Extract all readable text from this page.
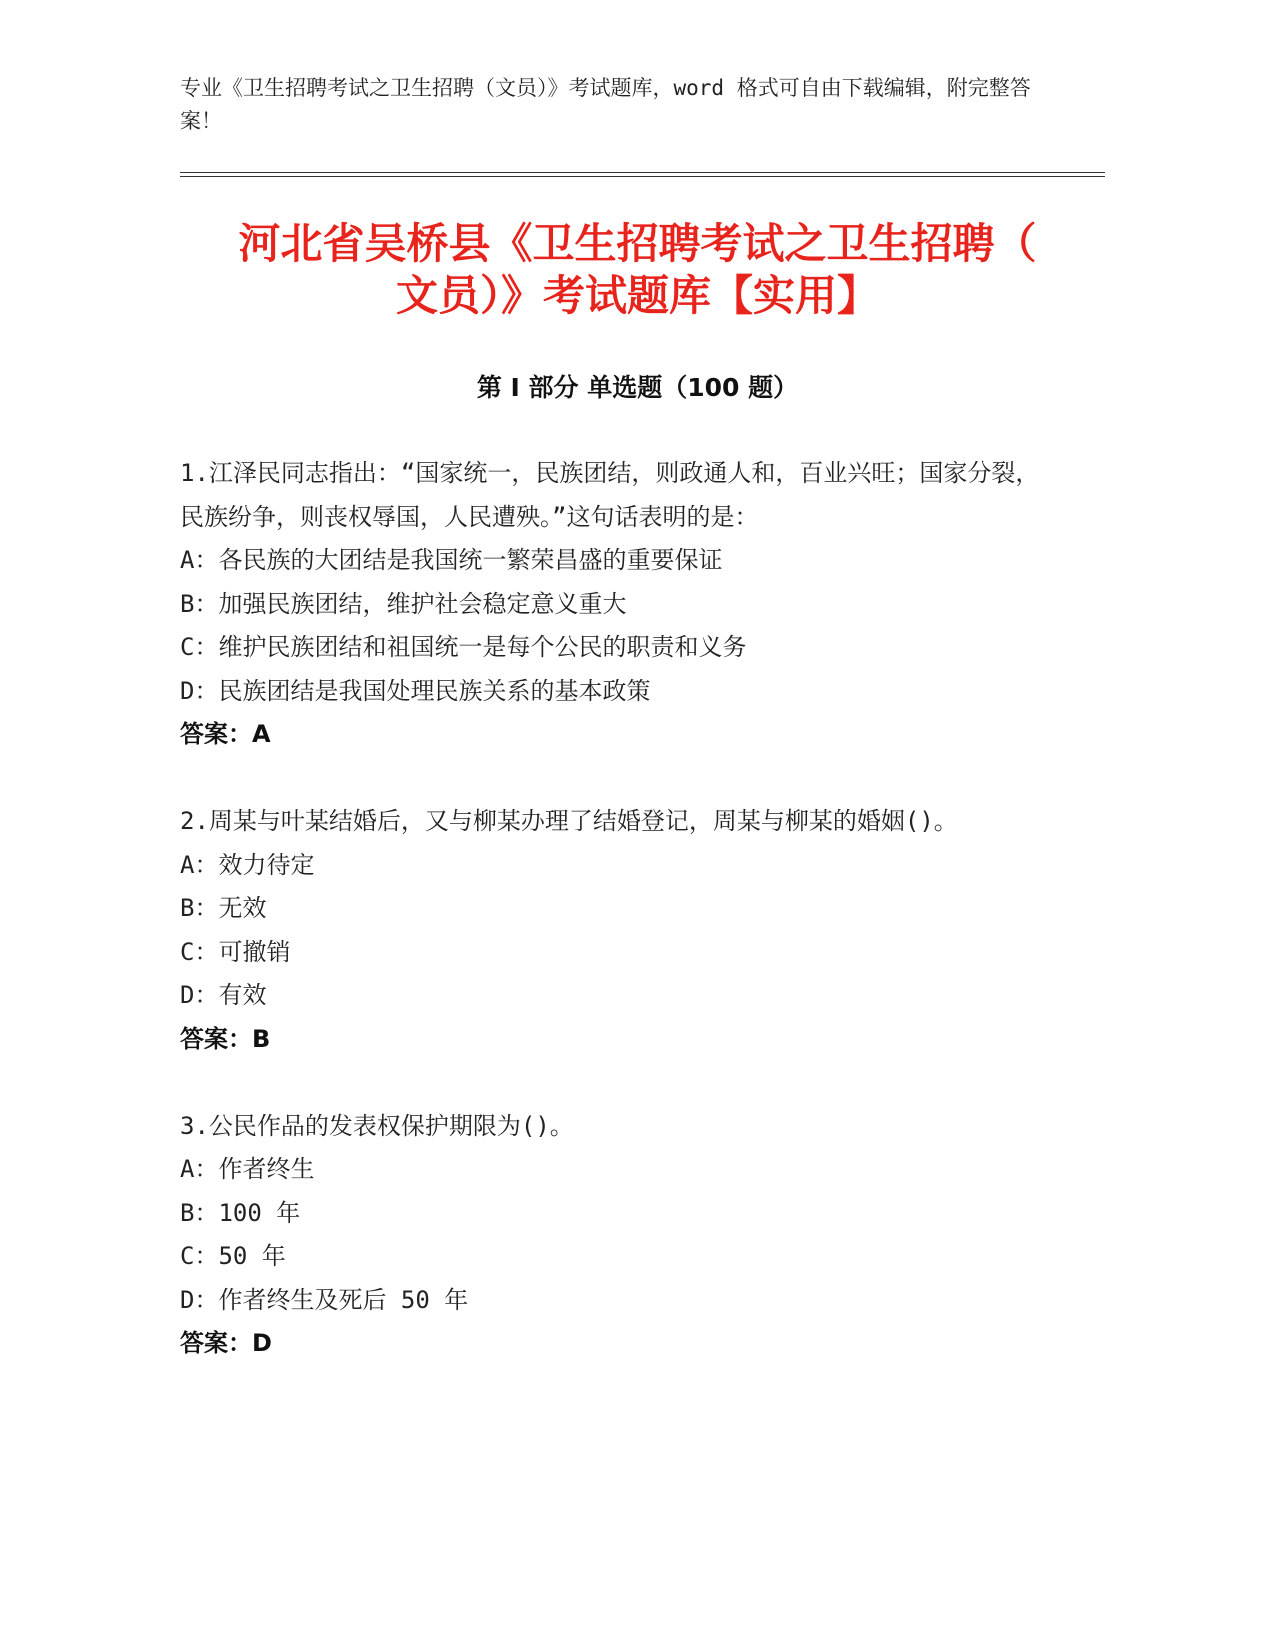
专业《卫生招聘考试之卫生招聘（文员）》考试题库，word 格式可自由下载编辑，附完整答案！
河北省吴桥县《卫生招聘考试之卫生招聘（
文员）》考试题库【实用】
第 I 部分 单选题（100 题）

1.江泽民同志指出：“国家统一，民族团结，则政通人和，百业兴旺；国家分裂，民族纷争，则丧权辱国，人民遭殃。”这句话表明的是：

A：各民族的大团结是我国统一繁荣昌盛的重要保证

B：加强民族团结，维护社会稳定意义重大

C：维护民族团结和祖国统一是每个公民的职责和义务

D：民族团结是我国处理民族关系的基本政策

答案：A

2.周某与叶某结婚后，又与柳某办理了结婚登记，周某与柳某的婚姻()。

A：效力待定

B：无效

C：可撤销

D：有效

答案：B

3.公民作品的发表权保护期限为()。

A：作者终生

B：100 年

C：50 年

D：作者终生及死后 50 年

答案：D
